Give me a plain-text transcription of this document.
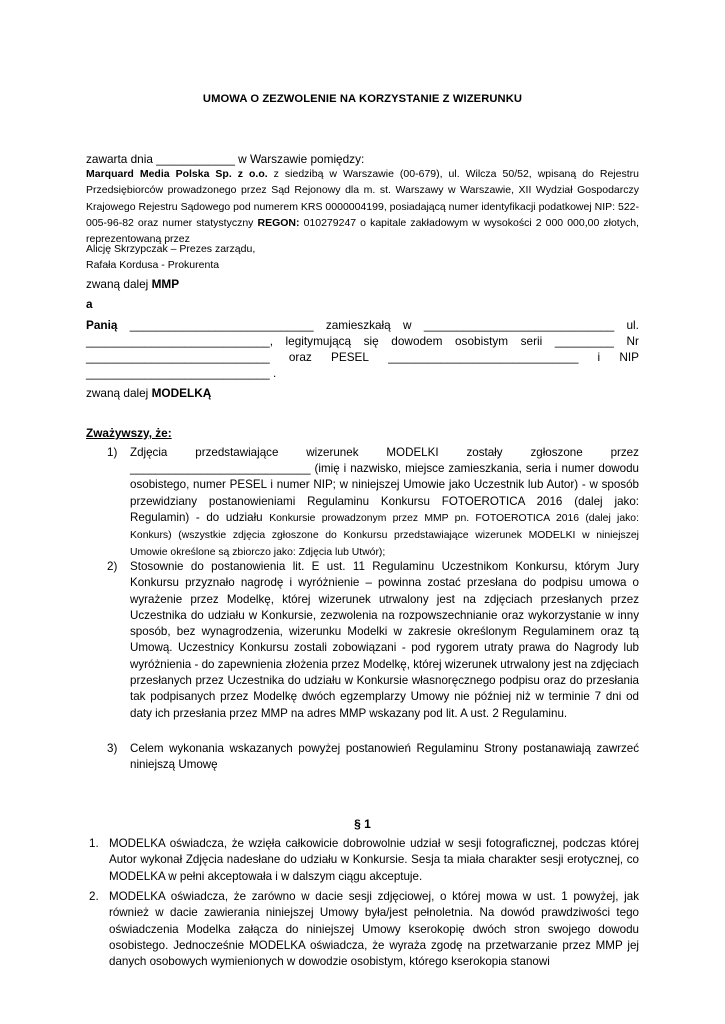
UMOWA O ZEZWOLENIE NA KORZYSTANIE Z WIZERUNKU
zawarta dnia ____________ w Warszawie pomiędzy:
Marquard Media Polska Sp. z o.o. z siedzibą w Warszawie (00-679), ul. Wilcza 50/52, wpisaną do Rejestru Przedsiębiorców prowadzonego przez Sąd Rejonowy dla m. st. Warszawy w Warszawie, XII Wydział Gospodarczy Krajowego Rejestru Sądowego pod numerem KRS 0000004199, posiadającą numer identyfikacji podatkowej NIP: 522-005-96-82 oraz numer statystyczny REGON: 010279247 o kapitale zakładowym w wysokości 2 000 000,00 złotych, reprezentowaną przez
Alicję Skrzypczak – Prezes zarządu,
Rafała Kordusa - Prokurenta
zwaną dalej MMP
a
Panią ____________________________ zamieszkałą w _____________________________ ul.
____________________________, legitymującą się dowodem osobistym serii _________ Nr
____________________________ oraz PESEL _____________________________ i NIP
____________________________ .
zwaną dalej MODELKĄ
Zważywszy, że:
1) Zdjęcia przedstawiające wizerunek MODELKI zostały zgłoszone przez
____________________________ (imię i nazwisko, miejsce zamieszkania, seria i numer dowodu osobistego, numer PESEL i numer NIP; w niniejszej Umowie jako Uczestnik lub Autor) - w sposób przewidziany postanowieniami Regulaminu Konkursu FOTOEROTICA 2016 (dalej jako: Regulamin) - do udziału Konkursie prowadzonym przez MMP pn. FOTOEROTICA 2016 (dalej jako: Konkurs) (wszystkie zdjęcia zgłoszone do Konkursu przedstawiające wizerunek MODELKI w niniejszej Umowie określone są zbiorczo jako: Zdjęcia lub Utwór);
2) Stosownie do postanowienia lit. E ust. 11 Regulaminu Uczestnikom Konkursu, którym Jury Konkursu przyznało nagrodę i wyróżnienie – powinna zostać przesłana do podpisu umowa o wyrażenie przez Modelkę, której wizerunek utrwalony jest na zdjęciach przesłanych przez Uczestnika do udziału w Konkursie, zezwolenia na rozpowszechnianie oraz wykorzystanie w inny sposób, bez wynagrodzenia, wizerunku Modelki w zakresie określonym Regulaminem oraz tą Umową. Uczestnicy Konkursu zostali zobowiązani - pod rygorem utraty prawa do Nagrody lub wyróżnienia - do zapewnienia złożenia przez Modelkę, której wizerunek utrwalony jest na zdjęciach przesłanych przez Uczestnika do udziału w Konkursie własnoręcznego podpisu oraz do przesłania tak podpisanych przez Modelkę dwóch egzemplarzy Umowy nie później niż w terminie 7 dni od daty ich przesłania przez MMP na adres MMP wskazany pod lit. A ust. 2 Regulaminu.
3) Celem wykonania wskazanych powyżej postanowień Regulaminu Strony postanawiają zawrzeć niniejszą Umowę
§ 1
1. MODELKA oświadcza, że wzięła całkowicie dobrowolnie udział w sesji fotograficznej, podczas której Autor wykonał Zdjęcia nadesłane do udziału w Konkursie. Sesja ta miała charakter sesji erotycznej, co MODELKA w pełni akceptowała i w dalszym ciągu akceptuje.
2. MODELKA oświadcza, że zarówno w dacie sesji zdjęciowej, o której mowa w ust. 1 powyżej, jak również w dacie zawierania niniejszej Umowy była/jest pełnoletnia. Na dowód prawdziwości tego oświadczenia Modelka załącza do niniejszej Umowy kserokopię dwóch stron swojego dowodu osobistego. Jednocześnie MODELKA oświadcza, że wyraża zgodę na przetwarzanie przez MMP jej danych osobowych wymienionych w dowodzie osobistym, którego kserokopia stanowi
